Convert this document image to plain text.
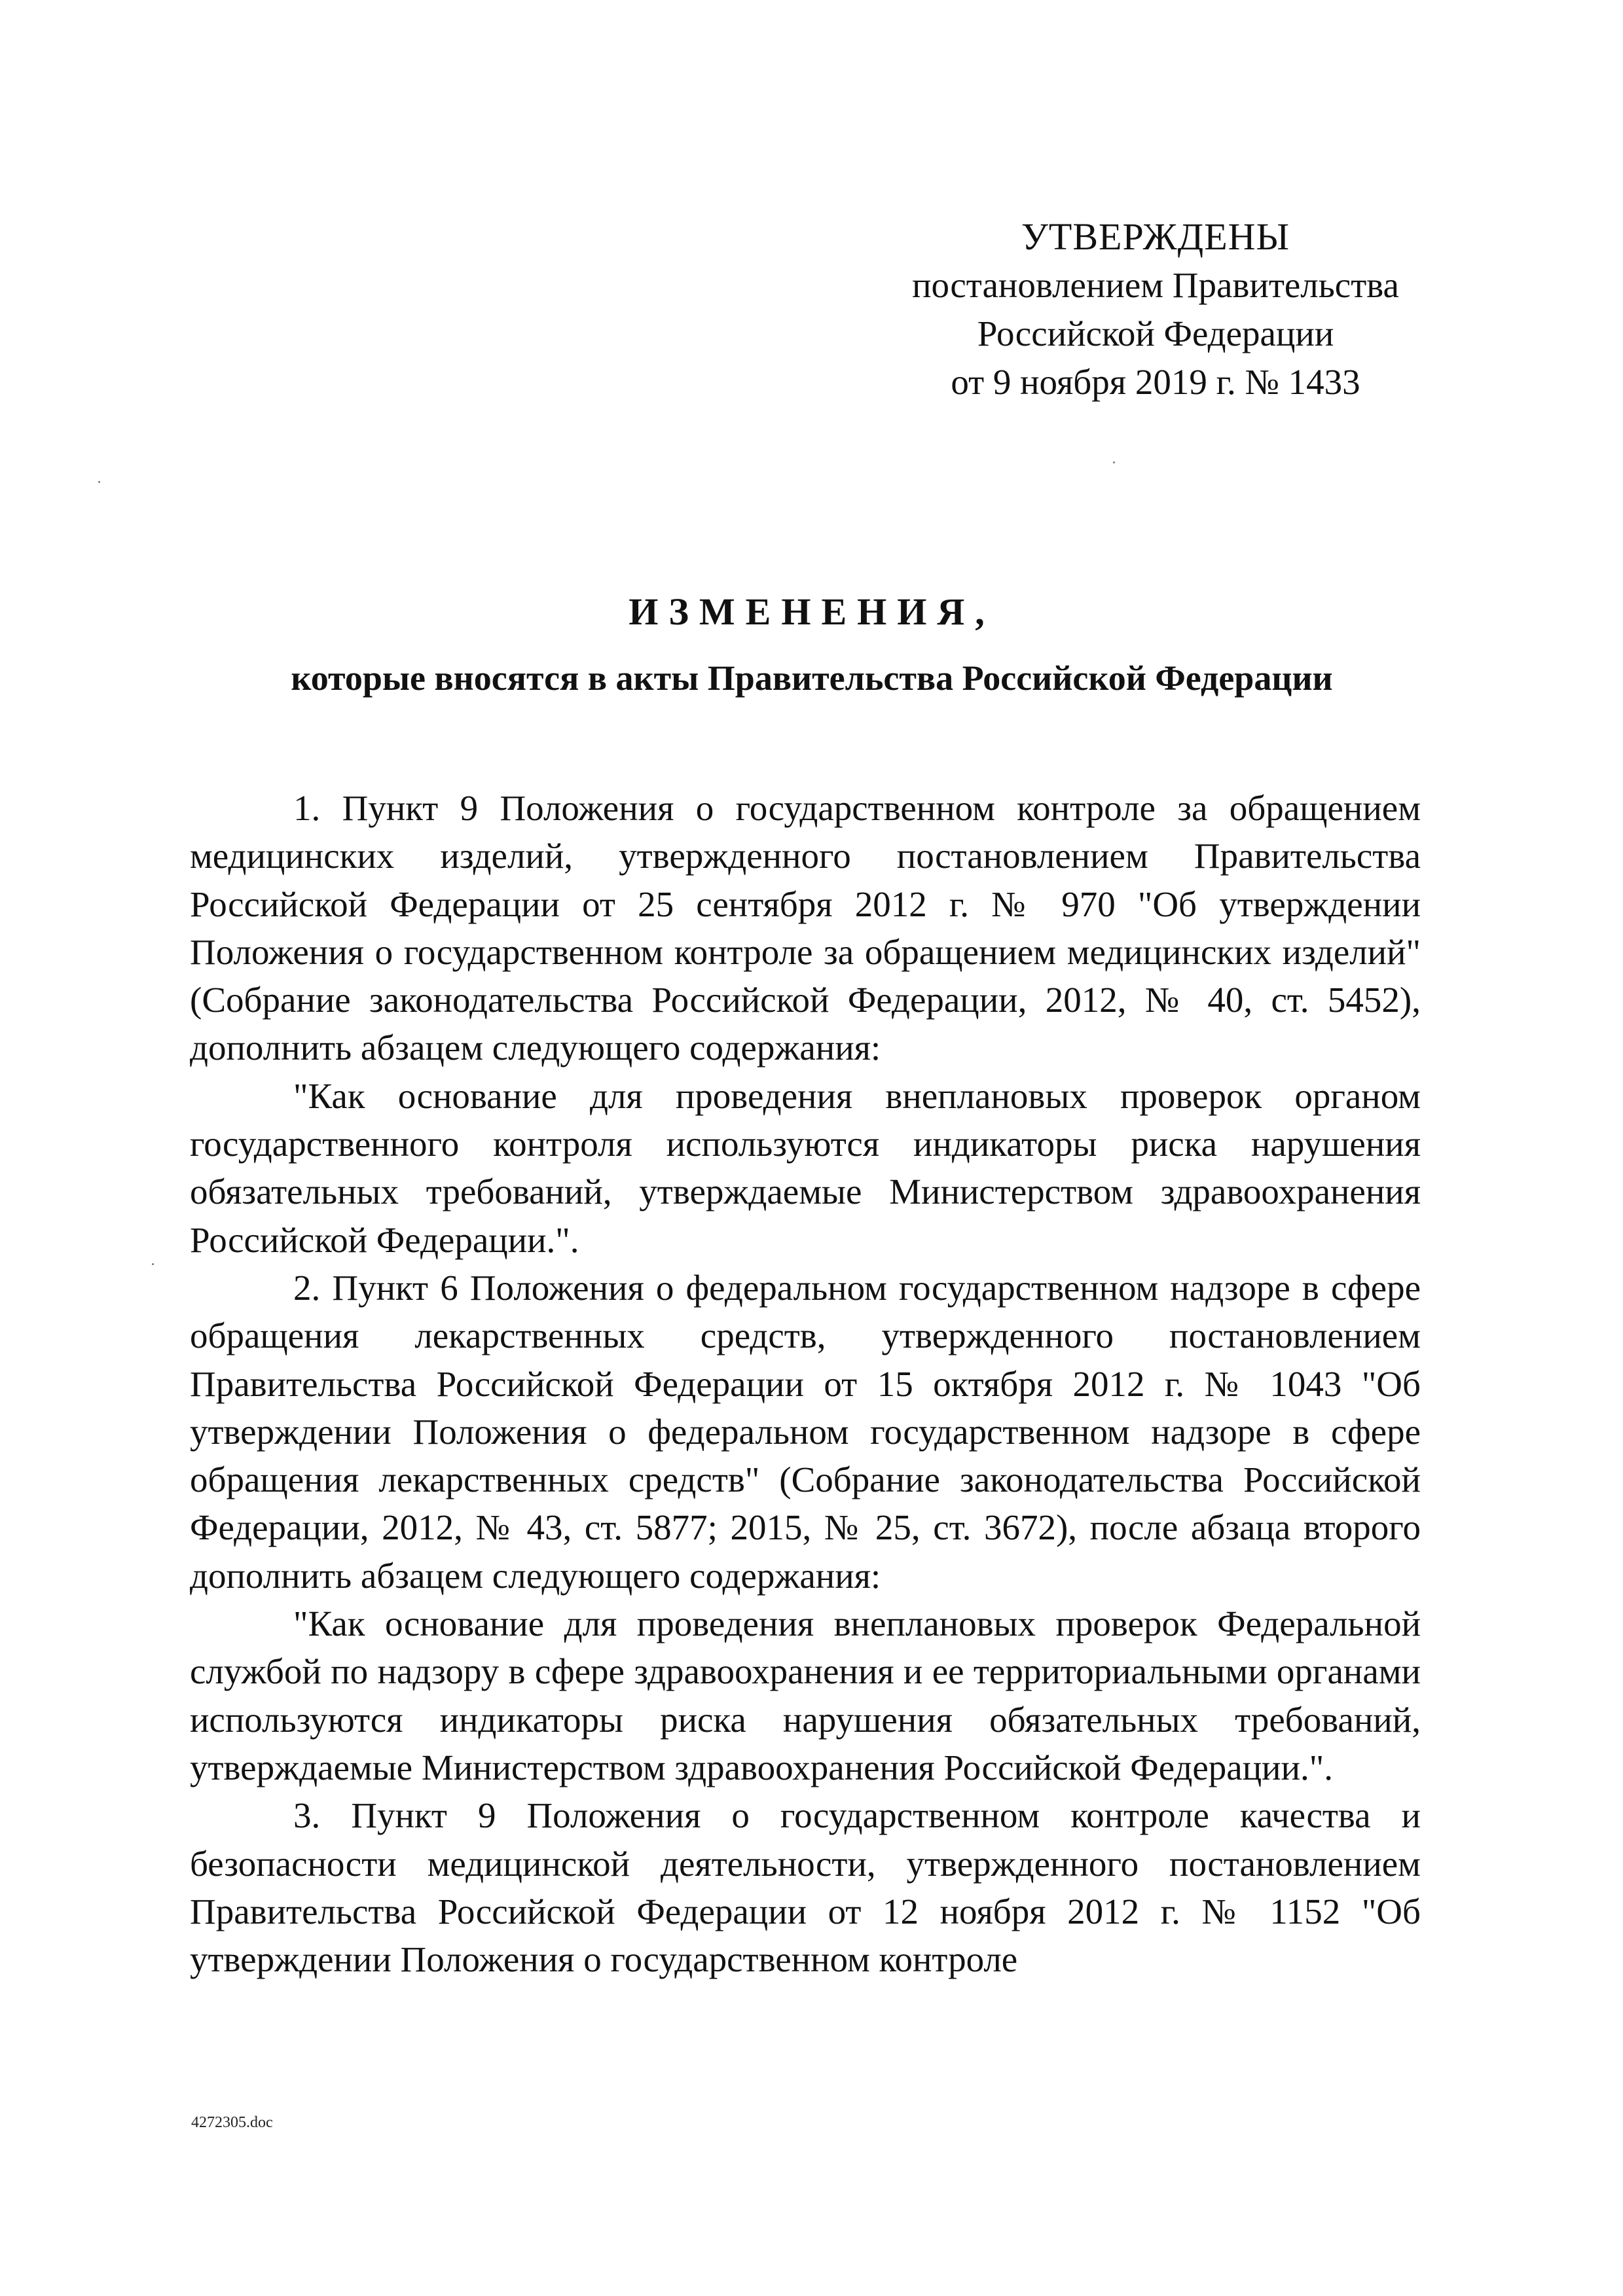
УТВЕРЖДЕНЫ
постановлением Правительства
Российской Федерации
от 9 ноября 2019 г. № 1433
ИЗМЕНЕНИЯ,
которые вносятся в акты Правительства Российской Федерации

1. Пункт 9 Положения о государственном контроле за обращением медицинских изделий, утвержденного постановлением Правительства Российской Федерации от 25 сентября 2012 г. № 970 "Об утверждении Положения о государственном контроле за обращением медицинских изделий" (Собрание законодательства Российской Федерации, 2012, № 40, ст. 5452), дополнить абзацем следующего содержания:

"Как основание для проведения внеплановых проверок органом государственного контроля используются индикаторы риска нарушения обязательных требований, утверждаемые Министерством здравоохранения Российской Федерации.".

2. Пункт 6 Положения о федеральном государственном надзоре в сфере обращения лекарственных средств, утвержденного постановлением Правительства Российской Федерации от 15 октября 2012 г. № 1043 "Об утверждении Положения о федеральном государственном надзоре в сфере обращения лекарственных средств" (Собрание законодательства Российской Федерации, 2012, № 43, ст. 5877; 2015, № 25, ст. 3672), после абзаца второго дополнить абзацем следующего содержания:

"Как основание для проведения внеплановых проверок Федеральной службой по надзору в сфере здравоохранения и ее территориальными органами используются индикаторы риска нарушения обязательных требований, утверждаемые Министерством здравоохранения Российской Федерации.".

3. Пункт 9 Положения о государственном контроле качества и безопасности медицинской деятельности, утвержденного постановлением Правительства Российской Федерации от 12 ноября 2012 г. № 1152 "Об утверждении Положения о государственном контроле

4272305.doc
